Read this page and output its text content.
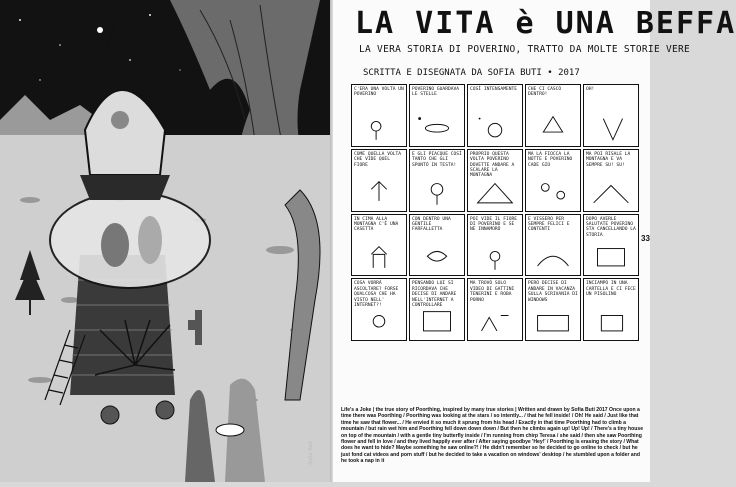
Sofia Buti
LA VITA è UNA BEFFA
LA VERA STORIA DI POVERINO, TRATTO DA MOLTE STORIE VERE
SCRITTA E DISEGNATA DA SOFIA BUTI • 2017
33
C'ERA UNA VOLTA UN POVERINO
POVERINO GUARDAVA LE STELLE
COSÌ INTENSAMENTE	CHE CI CASCÒ DENTRO!
OH!
COME QUELLA VOLTA CHE VIDE QUEL FIORE
E GLI PIACQUE COSÌ TANTO CHE GLI SPUNTÒ IN TESTA!
PROPRIO QUESTA VOLTA POVERINO DOVETTE ANDARE A SCALARE LA MONTAGNA
MA LA FIOCCA LA NOTTE E POVERINO CADE GIÙ
MA POI RISALE LA MONTAGNA E VA SEMPRE SU! SU!
IN CIMA ALLA MONTAGNA C'È UNA CASETTA
CON DENTRO UNA GENTILE FARFALLETTA
POI VIDE IL FIORE DI POVERINO E SE NE INNAMORÒ
E VISSERO PER SEMPRE FELICI E CONTENTI
DOPO AVERLE SALUTATE POVERINO STA CANCELLANDO LA STORIA
COSA VORRÀ ASCOLTARE? FORSE QUALCOSA CHE HA VISTO NELL' INTERNET?!
PENSANDO LUI SI RICORDAVA CHE DECISE DI ANDARE NELL'INTERNET A CONTROLLARE
MA TROVÒ SOLO VIDEO DI GATTINI TENERINI E ROBA PORNO
PERÒ DECISE DI ANDARE IN VACANZA SULLA SCRIVANIA DI WINDOWS
INCIAMPÒ IN UNA CARTELLA E CI FECE UN PISOLINO
Life's a Joke | the true story of Poorthing, inspired by many true stories | Written and drawn by Sofia Buti 2017 Once upon a time there was Poorthing / Poorthing was looking at the stars / so intently... / that he fell inside! / Oh! He said / Just like that time he saw that flower... / He envied it so much it sprung from his head / Exactly in that time Poorthing had to climb a mountain / but rain wet him and Poorthing fell down down down / But then he climbs again up! Up! Up! / There's a tiny house on top of the mountain / with a gentle tiny butterfly inside / I'm running from chirp Teresa / she said / then she saw Poorthing flower and fell in love / and they lived happily ever after / After saying goodbye 'Hey!' / Poorthing is erasing the story / What does he want to hide? Maybe something he saw online?! / He didn't remember so he decided to go online to check / but he just fond cat videos and porn stuff / but he decided to take a vacation on windows' desktop / he stumbled upon a folder and he took a nap in it
